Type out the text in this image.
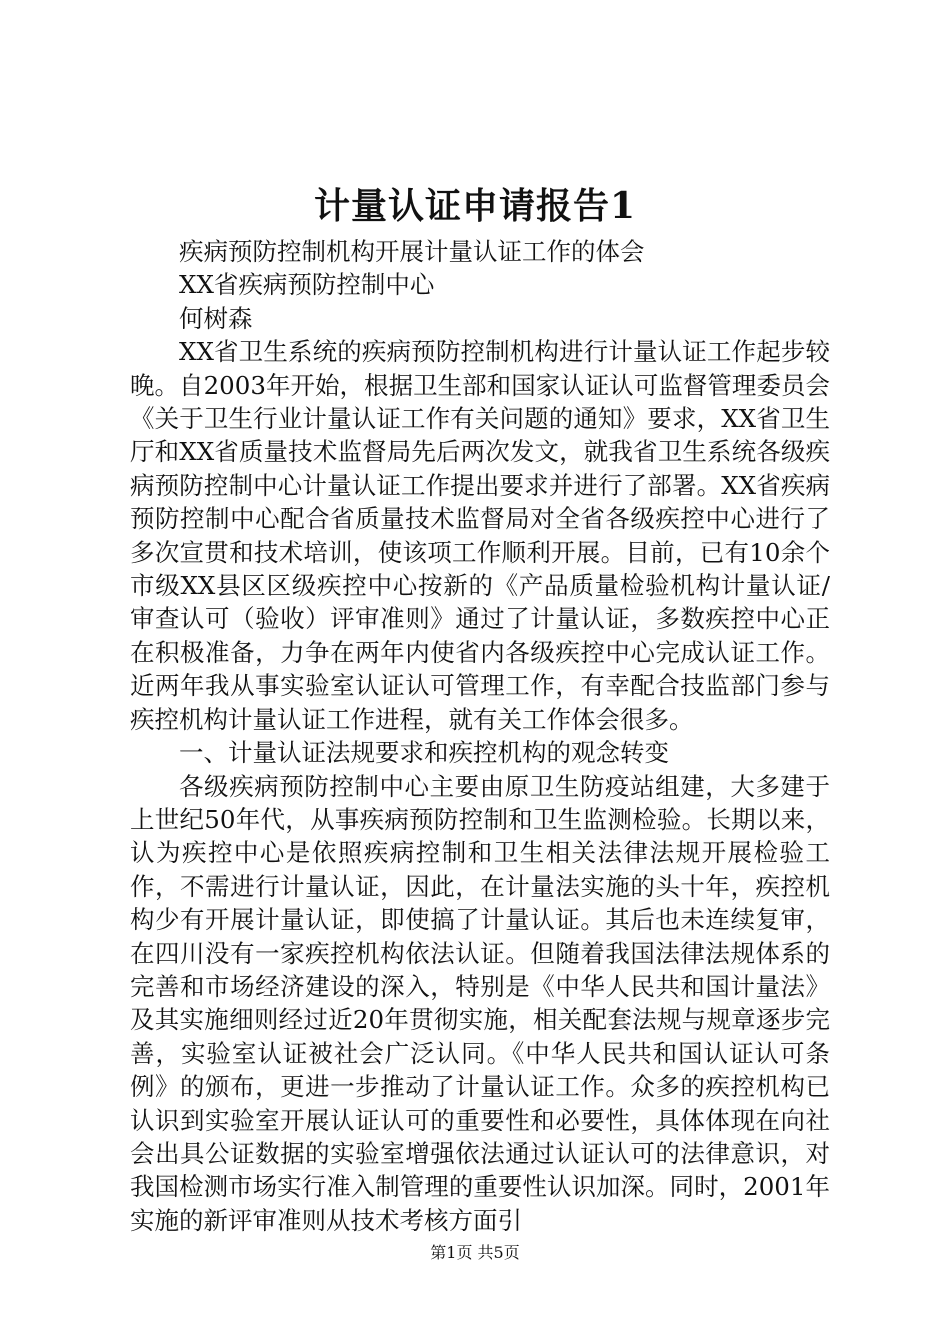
计量认证申请报告1

疾病预防控制机构开展计量认证工作的体会

XX省疾病预防控制中心

何树森

XX省卫生系统的疾病预防控制机构进行计量认证工作起步较晚。自2003年开始，根据卫生部和国家认证认可监督管理委员会《关于卫生行业计量认证工作有关问题的通知》要求，XX省卫生厅和XX省质量技术监督局先后两次发文，就我省卫生系统各级疾病预防控制中心计量认证工作提出要求并进行了部署。XX省疾病预防控制中心配合省质量技术监督局对全省各级疾控中心进行了多次宣贯和技术培训，使该项工作顺利开展。目前，已有10余个市级XX县区区级疾控中心按新的《产品质量检验机构计量认证/审查认可（验收）评审准则》通过了计量认证，多数疾控中心正在积极准备，力争在两年内使省内各级疾控中心完成认证工作。近两年我从事实验室认证认可管理工作，有幸配合技监部门参与疾控机构计量认证工作进程，就有关工作体会很多。

一、计量认证法规要求和疾控机构的观念转变

各级疾病预防控制中心主要由原卫生防疫站组建，大多建于上世纪50年代，从事疾病预防控制和卫生监测检验。长期以来，认为疾控中心是依照疾病控制和卫生相关法律法规开展检验工作，不需进行计量认证，因此，在计量法实施的头十年，疾控机构少有开展计量认证，即使搞了计量认证。其后也未连续复审，在四川没有一家疾控机构依法认证。但随着我国法律法规体系的完善和市场经济建设的深入，特别是《中华人民共和国计量法》及其实施细则经过近20年贯彻实施，相关配套法规与规章逐步完善，实验室认证被社会广泛认同。《中华人民共和国认证认可条例》的颁布，更进一步推动了计量认证工作。众多的疾控机构已认识到实验室开展认证认可的重要性和必要性，具体体现在向社会出具公证数据的实验室增强依法通过认证认可的法律意识，对我国检测市场实行准入制管理的重要性认识加深。同时，2001年实施的新评审准则从技术考核方面引

第1页 共5页
